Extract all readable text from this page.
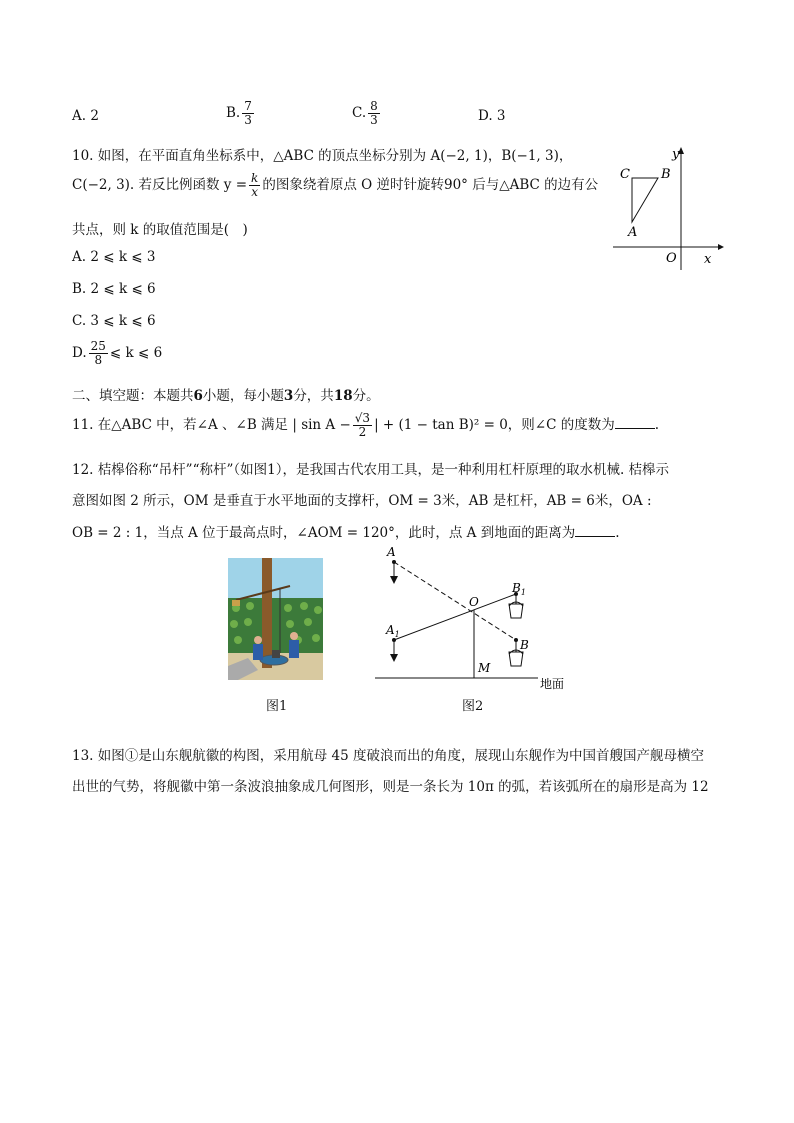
A. 2	B. $\frac{7}{3}$	C. $\frac{8}{3}$	D. 3
10. 如图，在平面直角坐标系中，△ABC 的顶点坐标分别为 A(−2, 1)，B(−1, 3)，
C(−2, 3). 若反比例函数 $y = \frac{k}{x}$ 的图象绕着原点 O 逆时针旋转90° 后与△ABC 的边有公
共点，则 k 的取值范围是(　)
A. 2 ⩽ k ⩽ 3
B. 2 ⩽ k ⩽ 6
C. 3 ⩽ k ⩽ 6
D. $\frac{25}{8}$ ⩽ k ⩽ 6
y
x
O
A
B
C
二、填空题：本题共6小题，每小题3分，共18分。
11. 在△ABC 中，若∠A 、∠B 满足 | $\sin A - \frac{√3}{2}$ | + (1 − tan B)² = 0，则∠C 的度数为	.
12. 桔槔俗称“吊杆”“称杆”（如图1），是我国古代农用工具，是一种利用杠杆原理的取水机械. 桔槔示
意图如图 2 所示，OM 是垂直于水平地面的支撑杆，OM = 3米，AB 是杠杆，AB = 6米，OA :
OB = 2 : 1，当点 A 位于最高点时，∠AOM = 120°，此时，点 A 到地面的距离为	.
图1
A
$A_1$
O
$B_1$
B
M
地面
图2
13. 如图①是山东舰航徽的构图，采用航母 45 度破浪而出的角度，展现山东舰作为中国首艘国产舰母横空
出世的气势，将舰徽中第一条波浪抽象成几何图形，则是一条长为 10π 的弧，若该弧所在的扇形是高为 12
